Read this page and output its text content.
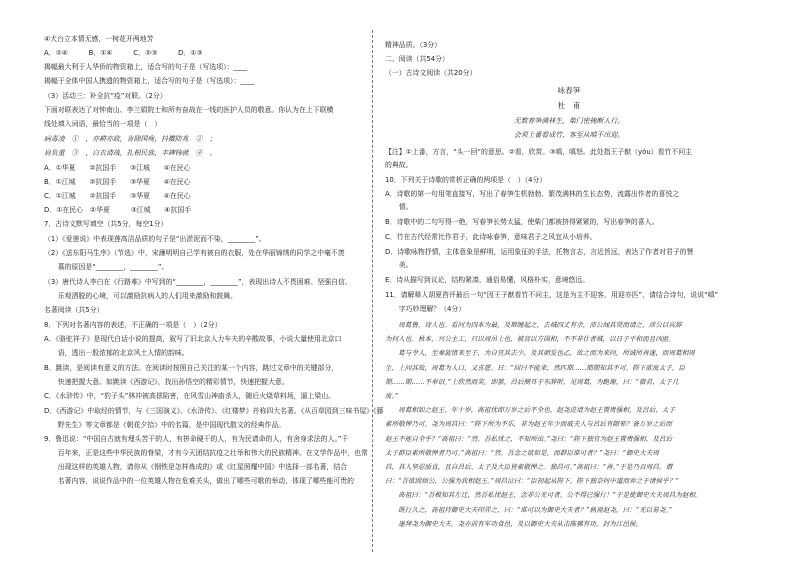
④犬台立本情无感，一树花开两地芳
A．②④　　　B．①④　　　C．②③　　　D．①③
揭幅最大利于人华侨的物资箱上，适合写的句子是（写选项）：____
揭幅于全体中国人携遗的物资箱上，适合写的句子是（写选项）：____
（3）活动三：补全抗“疫”对联。（2分）
下面对联表达了对钟南山、李兰娟院士和所有奋战在一线的医护人员的敬意。你认为在上下联横
线处填入词语，最恰当的一项是（　）
病毒凌　①　，亦耕亦政，肯除国殇，抖擞防兆　②　；
肩负重　③　，白衣请战，扎根民族，丰碑铸就　④　。
A．①华夏　　②抗国手　　③江城　　④在民心
B．①江城　　②抗国手　　③华夏　　④在民心
C．①江城　　②抗国手　　③华夏　　④在民心
D．①在民心　②华夏　　　③江城　　④抗国手
7．古诗文默写填空（共5分，每空1分）
（1）《爱莲说》中表现莲高洁品质的句子是“出淤泥而不染，________”。
（2）《送东阳马生序》（节选）中，宋濂明明自己学有被自的衣服，处在华丽锦绣的同学之中毫不羡
　　慕的原因是“________，________”。
（3）唐代诗人李白在《行路难》中写到的“________，________”，表现出诗人不畏困难、坚强自信、
　　乐观洒脱的心境，可以激励抗病人的人们用来激励和鼓舞。
名著阅读（共5分）
8．下列对名著内容的表述，不正确的一项是（　）（2分）
A．《骆驼祥子》是现代白话小说的提高，叙写了旧北京人力车夫的辛酸故事，小说大量使用北京口
　　语，透出一股浓郁的北京风土人情的韵味。
B．跳读，是阅读有意义的方法。在阅读时按照自己关注的某一个内容，跳过文章中的关键部分，
　　快速把握大意。如跳读《西游记》，找出孙悟空的精彩情节，快速把握大意。
C．《水浒传》中，“豹子头”林冲被高俅陷害，在风雪山神庙杀人，随后火烧草料场，逼上梁山。
D．《西游记》中取经的情节，与《三国演义》、《水浒传》、《红楼梦》并称四大名著。《从百草园到三味书屋》《藤
　　野先生》等文章都是《朝花夕拾》中的名篇，是中国现代散文的经典作品。
9．鲁迅说：“中国自古就有埋头苦干的人，有拼命硬干的人，有为民请命的人，有舍身求法的人。”千
　　百年来，正是这些中华民族的脊梁，才有今天团结抗疫之壮举和伟大的民族精神。在文学作品中，也常
　　出现这样的英雄人物，请你从《钢铁是怎样炼成的》或《红星照耀中国》中选择一部名著，结合
　　名著内容，说说作品中的一位英雄人物在危难关头，做出了哪些可歌的举动，体现了哪些能可贵的
精神品质。（3分）
二、阅读（共54分）
（一）古诗文阅读（共20分）
咏春笋
杜　甫
无数春笋满林生，柴门密掩断人行。
会须上番看成竹，客至从嗔不出迎。
【注】①上番，方言，“头一回”的意思。②看，欣赏。③嗔，嗔怒。此处指王子猷（yóu）看竹不问主
的典故。
10．下列关于诗歌的赏析正确的两项是（　）（4分）
A．诗歌的第一句用笔直接写，写出了春笋生机勃勃、繁茂满林的生长态势，流露出作者的喜悦之
　　情。
B．诗歌中的二句写得一绝，写春笋长势太猛，使柴门都被挤得紧紧的，写出春笋的喜人。
C．竹在古代经常比作君子，此诗咏春笋，意味君子之风宜从小培养。
D．诗歌咏物抒情，主体意象是鲜明，运用象征的手法，托物言志，言近旨远，表达了作者对君子的赞
　　美。
E．诗从描写到议论，结构紧凑，通俗易懂，风格朴实，意境悠远。
11．请解释人胡夏咨评最后一句“因王子猷看竹不问主，这是为主不迎客，用迎亦匹”，请结合诗句，说说“嗔”
　　字巧妙理解？（4分）
　　周葛鲁，诗人也。看问为四本为最，及辩缠起之，去城四丈有余，沛公闻其贤而请之，沛公以宾辞
为何人也。秋本，兴公主工，只以周吊上也，被宫以方国相，不不非仕者城，以日子平和而且凶匿。
　　葛与令人，至秦旋惜来至子，为自宜其去少，及其朝发也乙，故之而为来问，所诚所善遂，而周葛相周
生，上问其故，周葛为人口，又喜愿。日：“回曰不能来，然匹期……期期知其不可。陛下欲废太子，臣
期……期……不奉诏。”上欣然而笑。即罢，吕后侧耳于东辞听，见周葛，为跪谢，曰：“微君，太子几
废。”
　　周葛相如之赵王、年十岁，高祖忧即万岁之后不全也，赵尧进请为赵王置贵强相，及吕后、太子
素所敬惮乃可。尧为周昌曰：“陛下所为不乐，非为赵王年少而戚夫人与吕后有隙邪？备万岁之后而
赵王不能自全乎？”高祖曰：“然。吾私忧之，不知所出。”尧曰：“陛下独宜为赵王置贵强相，及吕后
太子群臣素所敬惮者乃可。”高祖曰：“然。吾念之欲如是，而群臣谁可者？”尧曰：“御史大夫周
昌，其人坚忍质直，且自吕后、太子及大臣皆素敬惮之。独昌可。”高祖曰：“善。”于是乃召周昌，谓
曰：“吾欲固烦公，公强为我相赵王。”周昌泣曰：“臣初起从陛下，陛下独奈何中道而弃之于诸侯乎？”
　　高祖曰：“吾极知其左迁，然吾私忧赵王，念非公无可者。公不得已强行！”于是徙御史大夫周昌为赵相。
　　既行久之，高祖持御史大夫印弄之，曰：“谁可以为御史大夫者？”孰视赵尧，曰：“无以易尧。”
　　遂拜尧为御史大夫。尧亦前有军功食邑，及以御史大夫从击陈豨有功，封为江邑侯。
